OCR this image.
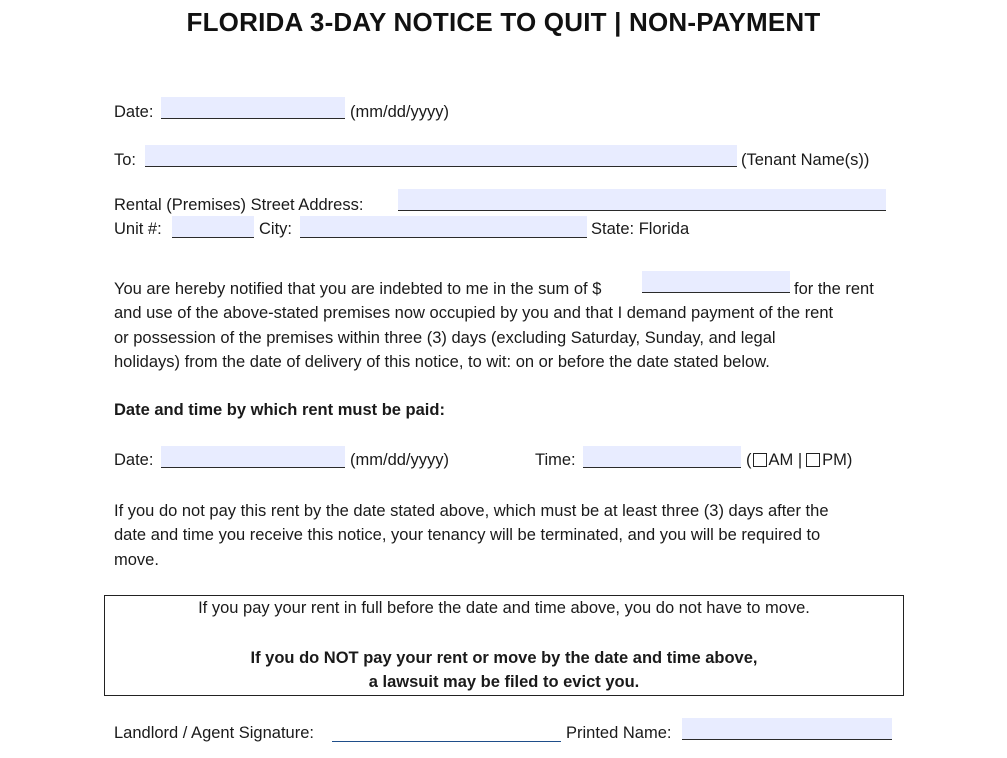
FLORIDA 3-DAY NOTICE TO QUIT | NON-PAYMENT
Date:	(mm/dd/yyyy)
To:	(Tenant Name(s))
Rental (Premises) Street Address:
Unit #:	City:	State: Florida
You are hereby notified that you are indebted to me in the sum of $
and use of the above-stated premises now occupied by you and that I demand payment of the rent
or possession of the premises within three (3) days (excluding Saturday, Sunday, and legal
holidays) from the date of delivery of this notice, to wit: on or before the date stated below.
for the rent
Date and time by which rent must be paid:
Date:	(mm/dd/yyyy)	Time:	( AM | PM)
If you do not pay this rent by the date stated above, which must be at least three (3) days after the
date and time you receive this notice, your tenancy will be terminated, and you will be required to
move.
If you pay your rent in full before the date and time above, you do not have to move.
If you do NOT pay your rent or move by the date and time above,
a lawsuit may be filed to evict you.
Landlord / Agent Signature:	Printed Name:
